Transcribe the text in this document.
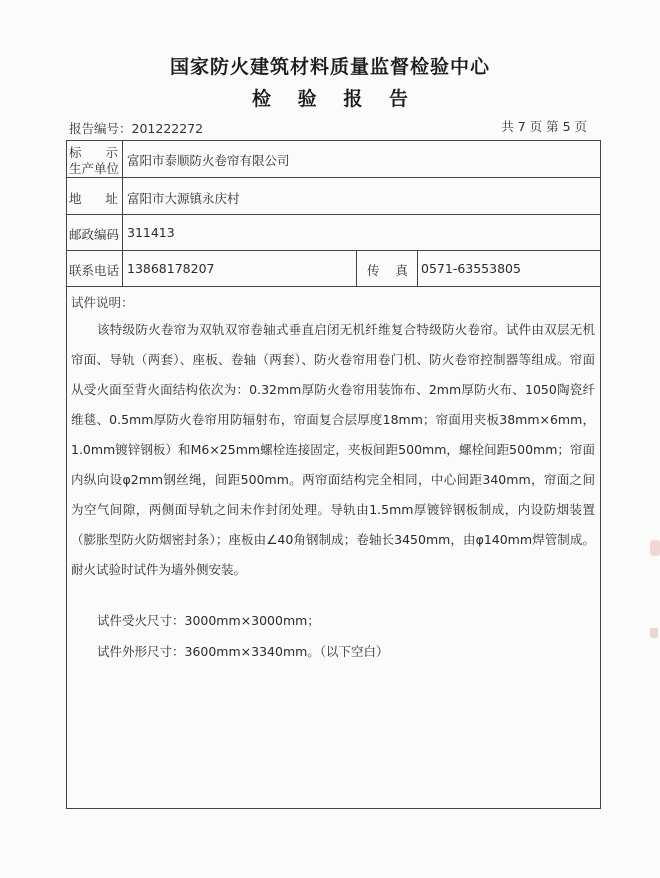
国家防火建筑材料质量监督检验中心
检 验 报 告
报告编号：201222272	共 7 页 第 5 页
标      示
生产单位
富阳市泰顺防火卷帘有限公司
地      址 富阳市大源镇永庆村
邮政编码 311413
联系电话 13868178207	传    真 0571-63553805
试件说明：
该特级防火卷帘为双轨双帘卷轴式垂直启闭无机纤维复合特级防火卷帘。试件由双层无机帘面、导轨（两套）、座板、卷轴（两套）、防火卷帘用卷门机、防火卷帘控制器等组成。帘面从受火面至背火面结构依次为：0.32mm厚防火卷帘用装饰布、2mm厚防火布、1050陶瓷纤维毯、0.5mm厚防火卷帘用防辐射布，帘面复合层厚度18mm；帘面用夹板38mm×6mm，1.0mm镀锌钢板）和M6×25mm螺栓连接固定，夹板间距500mm，螺栓间距500mm；帘面内纵向设φ2mm钢丝绳，间距500mm。两帘面结构完全相同，中心间距340mm，帘面之间为空气间隙，两侧面导轨之间未作封闭处理。导轨由1.5mm厚镀锌钢板制成，内设防烟装置（膨胀型防火防烟密封条）；座板由∠40角钢制成；卷轴长3450mm，由φ140mm焊管制成。耐火试验时试件为墙外侧安装。
试件受火尺寸：3000mm×3000mm；
试件外形尺寸：3600mm×3340mm。（以下空白）
